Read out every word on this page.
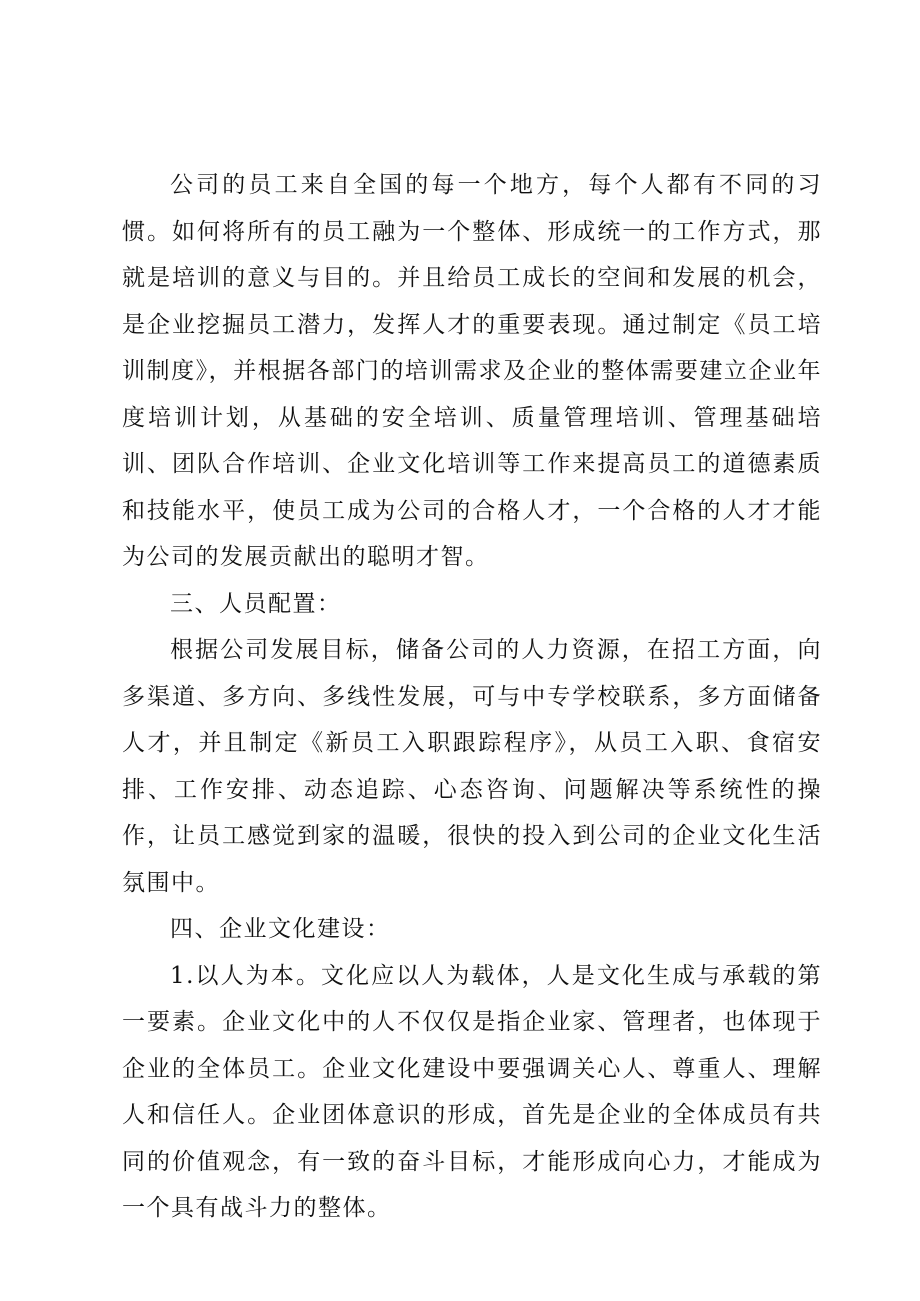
公司的员工来自全国的每一个地方，每个人都有不同的习惯。如何将所有的员工融为一个整体、形成统一的工作方式，那就是培训的意义与目的。并且给员工成长的空间和发展的机会，是企业挖掘员工潜力，发挥人才的重要表现。通过制定《员工培训制度》，并根据各部门的培训需求及企业的整体需要建立企业年度培训计划，从基础的安全培训、质量管理培训、管理基础培训、团队合作培训、企业文化培训等工作来提高员工的道德素质和技能水平，使员工成为公司的合格人才，一个合格的人才才能为公司的发展贡献出的聪明才智。

三、人员配置：

根据公司发展目标，储备公司的人力资源，在招工方面，向多渠道、多方向、多线性发展，可与中专学校联系，多方面储备人才，并且制定《新员工入职跟踪程序》，从员工入职、食宿安排、工作安排、动态追踪、心态咨询、问题解决等系统性的操作，让员工感觉到家的温暖，很快的投入到公司的企业文化生活氛围中。

四、企业文化建设：

1.以人为本。文化应以人为载体，人是文化生成与承载的第一要素。企业文化中的人不仅仅是指企业家、管理者，也体现于企业的全体员工。企业文化建设中要强调关心人、尊重人、理解人和信任人。企业团体意识的形成，首先是企业的全体成员有共同的价值观念，有一致的奋斗目标，才能形成向心力，才能成为一个具有战斗力的整体。
